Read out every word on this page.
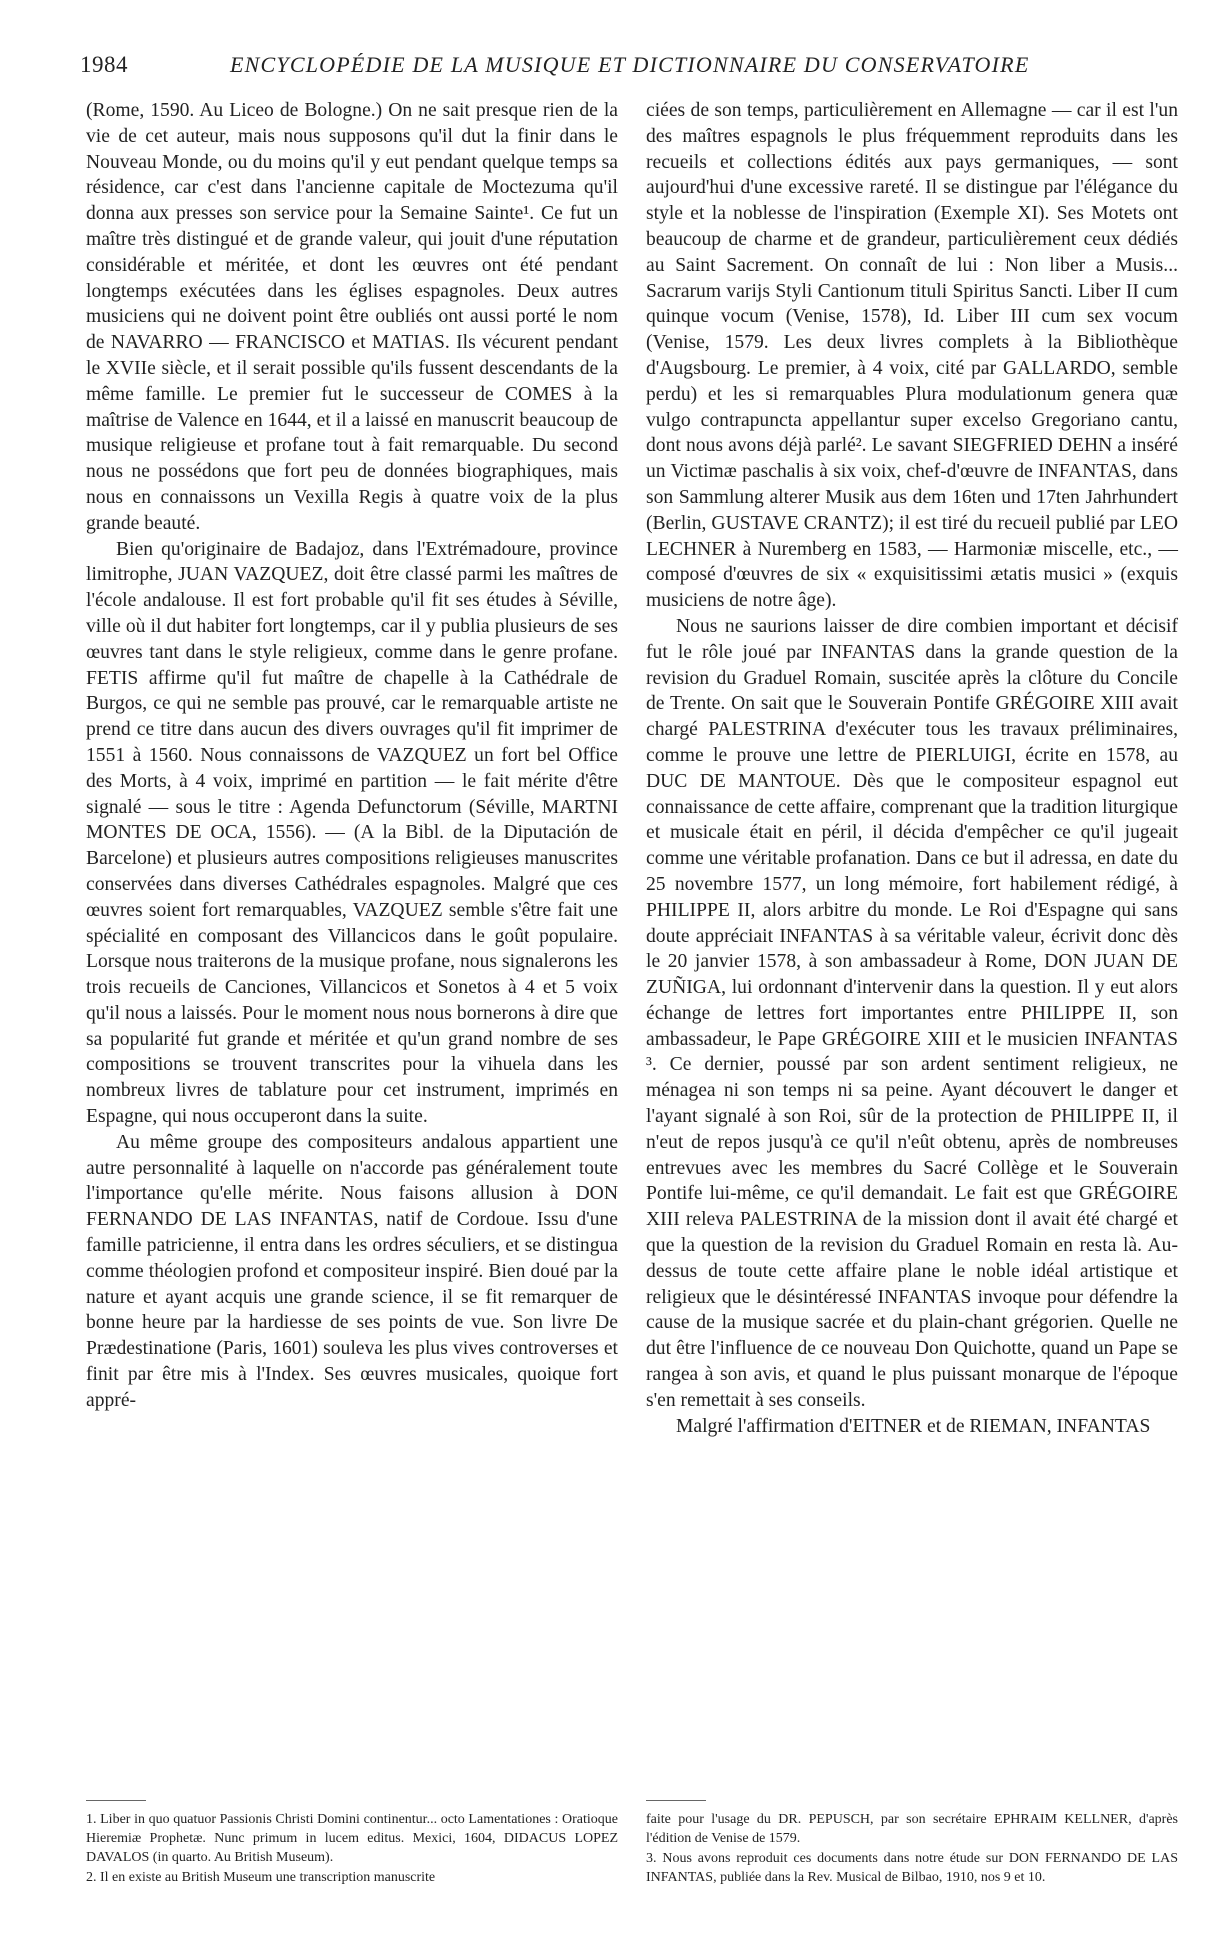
1984	ENCYCLOPÉDIE DE LA MUSIQUE ET DICTIONNAIRE DU CONSERVATOIRE

(Rome, 1590. Au Liceo de Bologne.) On ne sait presque rien de la vie de cet auteur, mais nous supposons qu'il dut la finir dans le Nouveau Monde, ou du moins qu'il y eut pendant quelque temps sa résidence, car c'est dans l'ancienne capitale de Moctezuma qu'il donna aux presses son service pour la Semaine Sainte¹. Ce fut un maître très distingué et de grande valeur, qui jouit d'une réputation considérable et méritée, et dont les œuvres ont été pendant longtemps exécutées dans les églises espagnoles. Deux autres musiciens qui ne doivent point être oubliés ont aussi porté le nom de NAVARRO — FRANCISCO et MATIAS. Ils vécurent pendant le XVIIe siècle, et il serait possible qu'ils fussent descendants de la même famille. Le premier fut le successeur de COMES à la maîtrise de Valence en 1644, et il a laissé en manuscrit beaucoup de musique religieuse et profane tout à fait remarquable. Du second nous ne possédons que fort peu de données biographiques, mais nous en connaissons un Vexilla Regis à quatre voix de la plus grande beauté.

Bien qu'originaire de Badajoz, dans l'Extrémadoure, province limitrophe, JUAN VAZQUEZ, doit être classé parmi les maîtres de l'école andalouse. Il est fort probable qu'il fit ses études à Séville, ville où il dut habiter fort longtemps, car il y publia plusieurs de ses œuvres tant dans le style religieux, comme dans le genre profane. FETIS affirme qu'il fut maître de chapelle à la Cathédrale de Burgos, ce qui ne semble pas prouvé, car le remarquable artiste ne prend ce titre dans aucun des divers ouvrages qu'il fit imprimer de 1551 à 1560. Nous connaissons de VAZQUEZ un fort bel Office des Morts, à 4 voix, imprimé en partition — le fait mérite d'être signalé — sous le titre : Agenda Defunctorum (Séville, MARTNI MONTES DE OCA, 1556). — (A la Bibl. de la Diputación de Barcelone) et plusieurs autres compositions religieuses manuscrites conservées dans diverses Cathédrales espagnoles. Malgré que ces œuvres soient fort remarquables, VAZQUEZ semble s'être fait une spécialité en composant des Villancicos dans le goût populaire. Lorsque nous traiterons de la musique profane, nous signalerons les trois recueils de Canciones, Villancicos et Sonetos à 4 et 5 voix qu'il nous a laissés. Pour le moment nous nous bornerons à dire que sa popularité fut grande et méritée et qu'un grand nombre de ses compositions se trouvent transcrites pour la vihuela dans les nombreux livres de tablature pour cet instrument, imprimés en Espagne, qui nous occuperont dans la suite.

Au même groupe des compositeurs andalous appartient une autre personnalité à laquelle on n'accorde pas généralement toute l'importance qu'elle mérite. Nous faisons allusion à DON FERNANDO DE LAS INFANTAS, natif de Cordoue. Issu d'une famille patricienne, il entra dans les ordres séculiers, et se distingua comme théologien profond et compositeur inspiré. Bien doué par la nature et ayant acquis une grande science, il se fit remarquer de bonne heure par la hardiesse de ses points de vue. Son livre De Prædestinatione (Paris, 1601) souleva les plus vives controverses et finit par être mis à l'Index. Ses œuvres musicales, quoique fort appré-

ciées de son temps, particulièrement en Allemagne — car il est l'un des maîtres espagnols le plus fréquemment reproduits dans les recueils et collections édités aux pays germaniques, — sont aujourd'hui d'une excessive rareté. Il se distingue par l'élégance du style et la noblesse de l'inspiration (Exemple XI). Ses Motets ont beaucoup de charme et de grandeur, particulièrement ceux dédiés au Saint Sacrement. On connaît de lui : Non liber a Musis... Sacrarum varijs Styli Cantionum tituli Spiritus Sancti. Liber II cum quinque vocum (Venise, 1578), Id. Liber III cum sex vocum (Venise, 1579. Les deux livres complets à la Bibliothèque d'Augsbourg. Le premier, à 4 voix, cité par GALLARDO, semble perdu) et les si remarquables Plura modulationum genera quæ vulgo contrapuncta appellantur super excelso Gregoriano cantu, dont nous avons déjà parlé². Le savant SIEGFRIED DEHN a inséré un Victimæ paschalis à six voix, chef-d'œuvre de INFANTAS, dans son Sammlung alterer Musik aus dem 16ten und 17ten Jahrhundert (Berlin, GUSTAVE CRANTZ); il est tiré du recueil publié par LEO LECHNER à Nuremberg en 1583, — Harmoniæ miscelle, etc., — composé d'œuvres de six « exquisitissimi ætatis musici » (exquis musiciens de notre âge).

Nous ne saurions laisser de dire combien important et décisif fut le rôle joué par INFANTAS dans la grande question de la revision du Graduel Romain, suscitée après la clôture du Concile de Trente. On sait que le Souverain Pontife GRÉGOIRE XIII avait chargé PALESTRINA d'exécuter tous les travaux préliminaires, comme le prouve une lettre de PIERLUIGI, écrite en 1578, au DUC DE MANTOUE. Dès que le compositeur espagnol eut connaissance de cette affaire, comprenant que la tradition liturgique et musicale était en péril, il décida d'empêcher ce qu'il jugeait comme une véritable profanation. Dans ce but il adressa, en date du 25 novembre 1577, un long mémoire, fort habilement rédigé, à PHILIPPE II, alors arbitre du monde. Le Roi d'Espagne qui sans doute appréciait INFANTAS à sa véritable valeur, écrivit donc dès le 20 janvier 1578, à son ambassadeur à Rome, DON JUAN DE ZUÑIGA, lui ordonnant d'intervenir dans la question. Il y eut alors échange de lettres fort importantes entre PHILIPPE II, son ambassadeur, le Pape GRÉGOIRE XIII et le musicien INFANTAS ³. Ce dernier, poussé par son ardent sentiment religieux, ne ménagea ni son temps ni sa peine. Ayant découvert le danger et l'ayant signalé à son Roi, sûr de la protection de PHILIPPE II, il n'eut de repos jusqu'à ce qu'il n'eût obtenu, après de nombreuses entrevues avec les membres du Sacré Collège et le Souverain Pontife lui-même, ce qu'il demandait. Le fait est que GRÉGOIRE XIII releva PALESTRINA de la mission dont il avait été chargé et que la question de la revision du Graduel Romain en resta là. Au-dessus de toute cette affaire plane le noble idéal artistique et religieux que le désintéressé INFANTAS invoque pour défendre la cause de la musique sacrée et du plain-chant grégorien. Quelle ne dut être l'influence de ce nouveau Don Quichotte, quand un Pape se rangea à son avis, et quand le plus puissant monarque de l'époque s'en remettait à ses conseils.

Malgré l'affirmation d'EITNER et de RIEMAN, INFANTAS

1. Liber in quo quatuor Passionis Christi Domini continentur... octo Lamentationes : Oratioque Hieremiæ Prophetæ. Nunc primum in lucem editus. Mexici, 1604, DIDACUS LOPEZ DAVALOS (in quarto. Au British Museum).

2. Il en existe au British Museum une transcription manuscrite

faite pour l'usage du DR. PEPUSCH, par son secrétaire EPHRAIM KELLNER, d'après l'édition de Venise de 1579.

3. Nous avons reproduit ces documents dans notre étude sur DON FERNANDO DE LAS INFANTAS, publiée dans la Rev. Musical de Bilbao, 1910, nos 9 et 10.
